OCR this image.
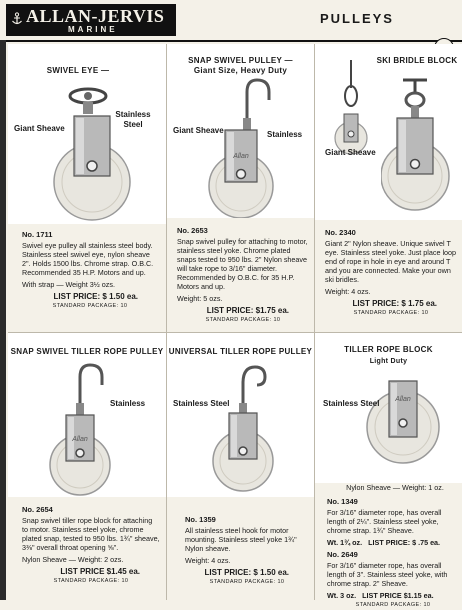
ALLAN-JERVIS
MARINE
PULLEYS
SWIVEL EYE —
Stainless Steel
Giant Sheave
No. 1711
Swivel eye pulley all stainless steel body. Stainless steel swivel eye, nylon sheave 2". Holds 1500 lbs. Chrome strap. O.B.C. Recommended 35 H.P. Motors and up.
With strap — Weight 3½ ozs.
LIST PRICE: $ 1.50 ea.
STANDARD PACKAGE: 10
SNAP SWIVEL PULLEY —
Giant Size, Heavy Duty
Allan
Giant Sheave	Stainless
No. 2653
Snap swivel pulley for attaching to motor, stainless steel yoke. Chrome plated snaps tested to 950 lbs. 2" Nylon sheave will take rope to 3/16" diameter. Recommended by O.B.C. for 35 H.P. Motors and up.
Weight: 5 ozs.
LIST PRICE: $1.75 ea.
STANDARD PACKAGE: 10
SKI BRIDLE BLOCK
Giant Sheave
No. 2340
Giant 2" Nylon sheave. Unique swivel T eye. Stainless steel yoke. Just place loop end of rope in hole in eye and around T and you are connected. Make your own ski bridles.
Weight: 4 ozs.
LIST PRICE: $ 1.75 ea.
STANDARD PACKAGE: 10
SNAP SWIVEL TILLER ROPE PULLEY
Allan
Stainless
No. 2654
Snap swivel tiller rope block for attaching to motor. Stainless steel yoke, chrome plated snap, tested to 950 lbs. 1¾" sheave, 3⅜" overall throat opening ⅝".
Nylon Sheave — Weight: 2 ozs.
LIST PRICE $1.45 ea.
STANDARD PACKAGE: 10
UNIVERSAL TILLER ROPE PULLEY
Stainless Steel
No. 1359
All stainless steel hook for motor mounting. Stainless steel yoke 1¾" Nylon sheave.
Weight: 4 ozs.
LIST PRICE: $ 1.50 ea.
STANDARD PACKAGE: 10
TILLER ROPE BLOCK
Light Duty
Allan
Stainless Steel
Nylon Sheave — Weight: 1 oz.
No. 1349
For 3/16" diameter rope, has overall length of 2¼". Stainless steel yoke, chrome strap. 1¾" Sheave.
Wt. 1¾ oz. LIST PRICE: $ .75 ea.
No. 2649
For 3/16" diameter rope, has overall length of 3". Stainless steel yoke, with chrome strap. 2" Sheave.
Wt. 3 oz. LIST PRICE $1.15 ea.
STANDARD PACKAGE: 10
